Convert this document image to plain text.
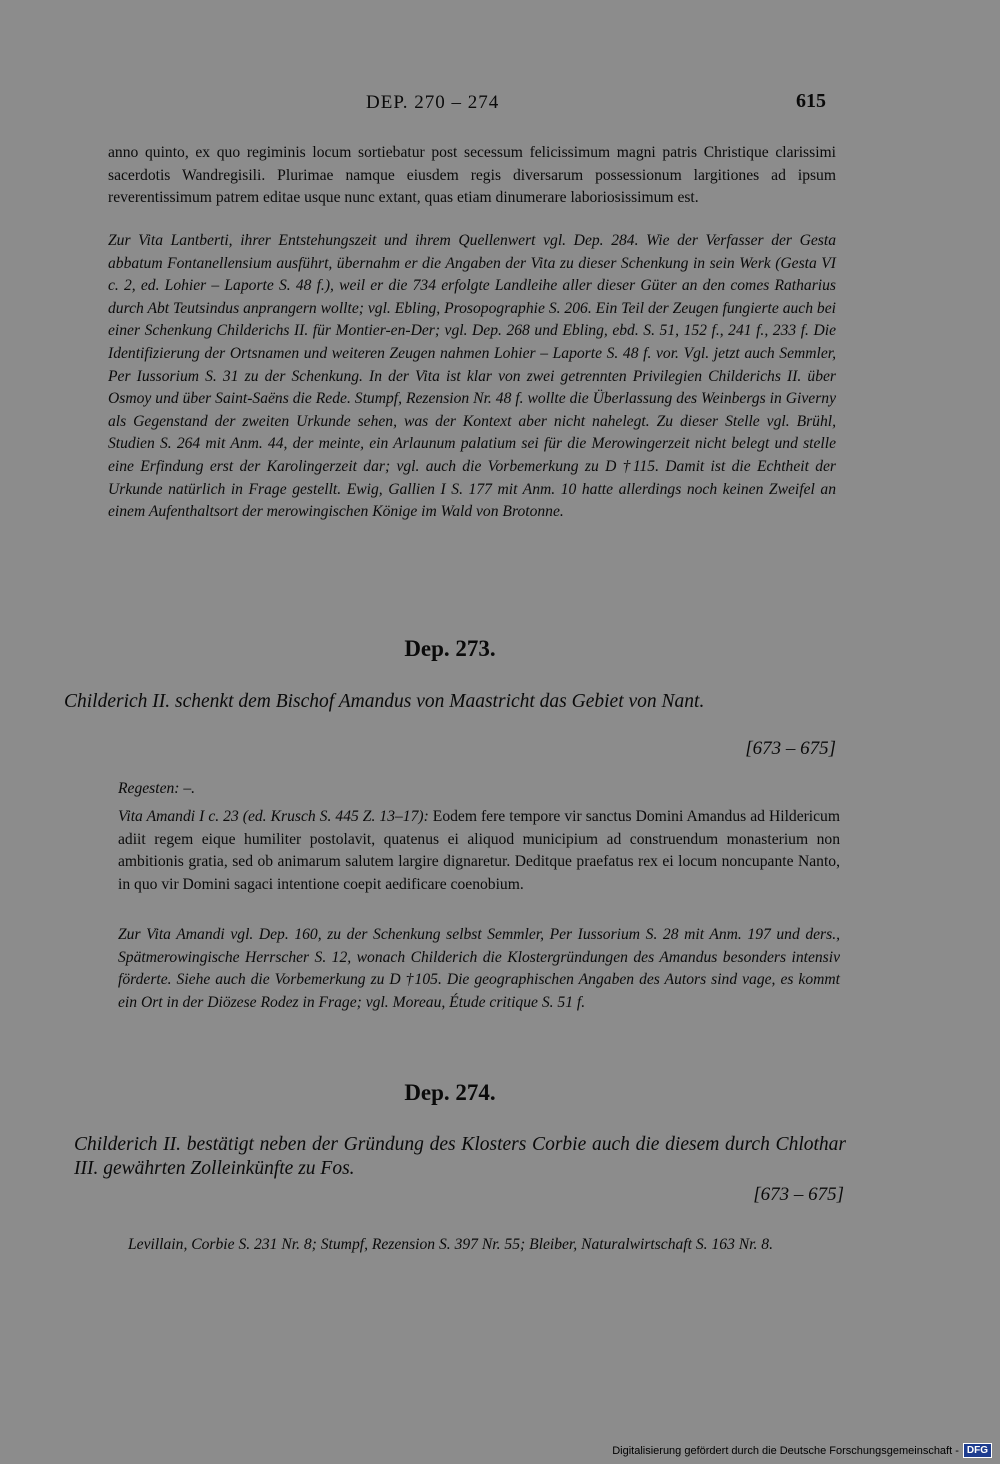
DEP. 270 – 274	615

anno quinto, ex quo regiminis locum sortiebatur post secessum felicissimum magni patris Christique clarissimi sacerdotis Wandregisili. Plurimae namque eiusdem regis diversarum possessionum largitiones ad ipsum reverentissimum patrem editae usque nunc extant, quas etiam dinumerare laboriosissimum est.

Zur Vita Lantberti, ihrer Entstehungszeit und ihrem Quellenwert vgl. Dep. 284. Wie der Verfasser der Gesta abbatum Fontanellensium ausführt, übernahm er die Angaben der Vita zu dieser Schenkung in sein Werk (Gesta VI c. 2, ed. Lohier – Laporte S. 48 f.), weil er die 734 erfolgte Landleihe aller dieser Güter an den comes Ratharius durch Abt Teutsindus anprangern wollte; vgl. Ebling, Prosopographie S. 206. Ein Teil der Zeugen fungierte auch bei einer Schenkung Childerichs II. für Montier-en-Der; vgl. Dep. 268 und Ebling, ebd. S. 51, 152 f., 241 f., 233 f. Die Identifizierung der Ortsnamen und weiteren Zeugen nahmen Lohier – Laporte S. 48 f. vor. Vgl. jetzt auch Semmler, Per Iussorium S. 31 zu der Schenkung. In der Vita ist klar von zwei getrennten Privilegien Childerichs II. über Osmoy und über Saint-Saëns die Rede. Stumpf, Rezension Nr. 48 f. wollte die Überlassung des Weinbergs in Giverny als Gegenstand der zweiten Urkunde sehen, was der Kontext aber nicht nahelegt. Zu dieser Stelle vgl. Brühl, Studien S. 264 mit Anm. 44, der meinte, ein Arlaunum palatium sei für die Merowingerzeit nicht belegt und stelle eine Erfindung erst der Karolingerzeit dar; vgl. auch die Vorbemerkung zu D †115. Damit ist die Echtheit der Urkunde natürlich in Frage gestellt. Ewig, Gallien I S. 177 mit Anm. 10 hatte allerdings noch keinen Zweifel an einem Aufenthaltsort der merowingischen Könige im Wald von Brotonne.

Dep. 273.
Childerich II. schenkt dem Bischof Amandus von Maastricht das Gebiet von Nant.
[673 – 675]
Regesten: –.

Vita Amandi I c. 23 (ed. Krusch S. 445 Z. 13–17): Eodem fere tempore vir sanctus Domini Amandus ad Hildericum adiit regem eique humiliter postolavit, quatenus ei aliquod municipium ad construendum monasterium non ambitionis gratia, sed ob animarum salutem largire dignaretur. Deditque praefatus rex ei locum noncupante Nanto, in quo vir Domini sagaci intentione coepit aedificare coenobium.

Zur Vita Amandi vgl. Dep. 160, zu der Schenkung selbst Semmler, Per Iussorium S. 28 mit Anm. 197 und ders., Spätmerowingische Herrscher S. 12, wonach Childerich die Klostergründungen des Amandus besonders intensiv förderte. Siehe auch die Vorbemerkung zu D †105. Die geographischen Angaben des Autors sind vage, es kommt ein Ort in der Diözese Rodez in Frage; vgl. Moreau, Étude critique S. 51 f.

Dep. 274.
Childerich II. bestätigt neben der Gründung des Klosters Corbie auch die diesem durch Chlothar III. gewährten Zolleinkünfte zu Fos.
[673 – 675]
Levillain, Corbie S. 231 Nr. 8; Stumpf, Rezension S. 397 Nr. 55; Bleiber, Naturalwirtschaft S. 163 Nr. 8.
Digitalisierung gefördert durch die Deutsche Forschungsgemeinschaft - DFG
